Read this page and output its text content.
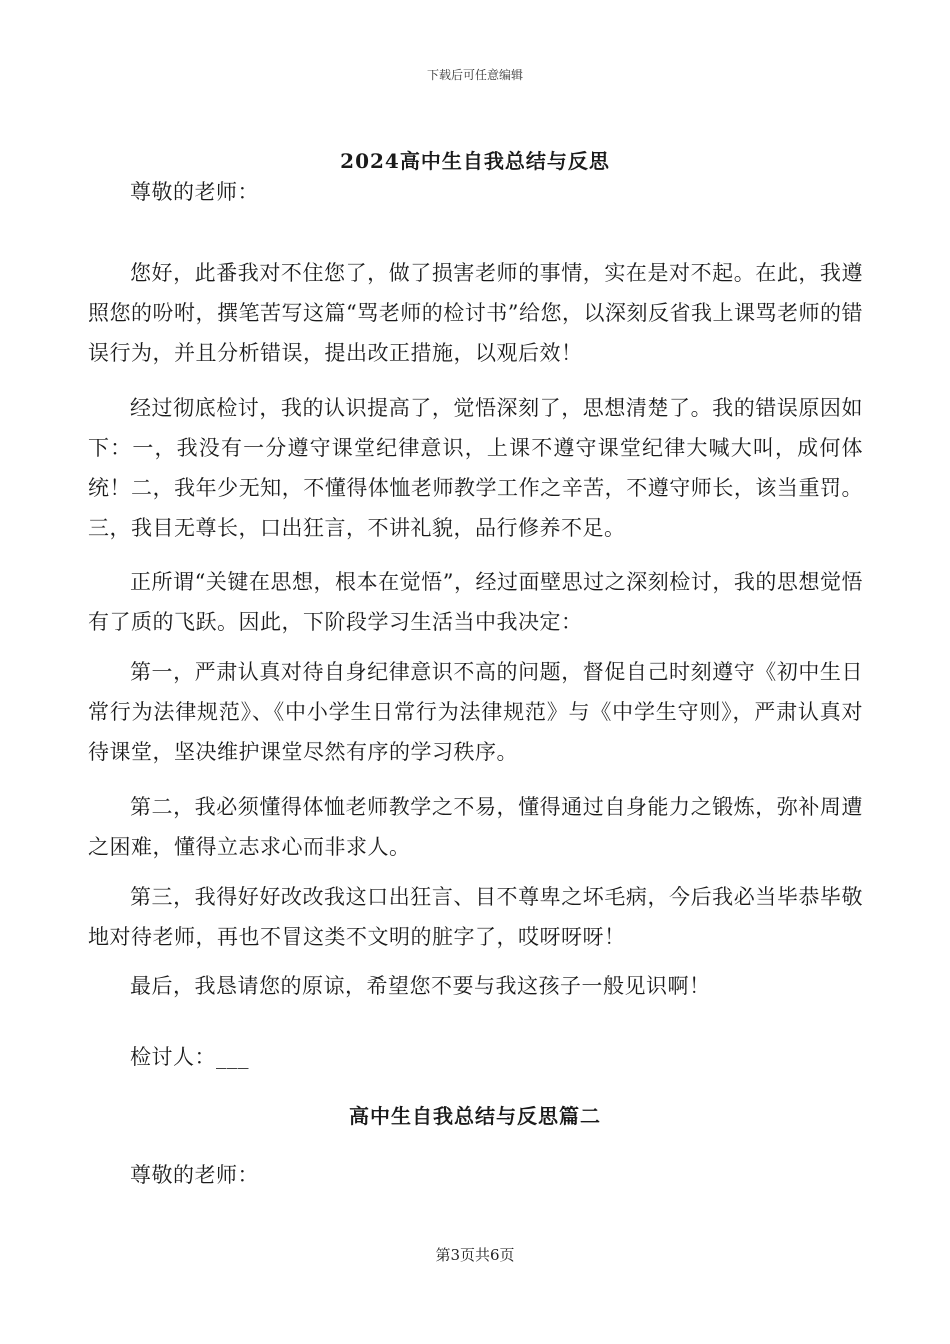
下载后可任意编辑
2024高中生自我总结与反思
尊敬的老师：
您好，此番我对不住您了，做了损害老师的事情，实在是对不起。在此，我遵照您的吩咐，撰笔苦写这篇“骂老师的检讨书”给您，以深刻反省我上课骂老师的错误行为，并且分析错误，提出改正措施，以观后效！
经过彻底检讨，我的认识提高了，觉悟深刻了，思想清楚了。我的错误原因如下：一，我没有一分遵守课堂纪律意识，上课不遵守课堂纪律大喊大叫，成何体统！二，我年少无知，不懂得体恤老师教学工作之辛苦，不遵守师长，该当重罚。三，我目无尊长，口出狂言，不讲礼貌，品行修养不足。
正所谓“关键在思想，根本在觉悟”，经过面壁思过之深刻检讨，我的思想觉悟有了质的飞跃。因此，下阶段学习生活当中我决定：
第一，严肃认真对待自身纪律意识不高的问题，督促自己时刻遵守《初中生日常行为法律规范》、《中小学生日常行为法律规范》与《中学生守则》，严肃认真对待课堂，坚决维护课堂尽然有序的学习秩序。
第二，我必须懂得体恤老师教学之不易，懂得通过自身能力之锻炼，弥补周遭之困难，懂得立志求心而非求人。
第三，我得好好改改我这口出狂言、目不尊卑之坏毛病，今后我必当毕恭毕敬地对待老师，再也不冒这类不文明的脏字了，哎呀呀呀！
最后，我恳请您的原谅，希望您不要与我这孩子一般见识啊！
检讨人：___
高中生自我总结与反思篇二
尊敬的老师：
第3页共6页
